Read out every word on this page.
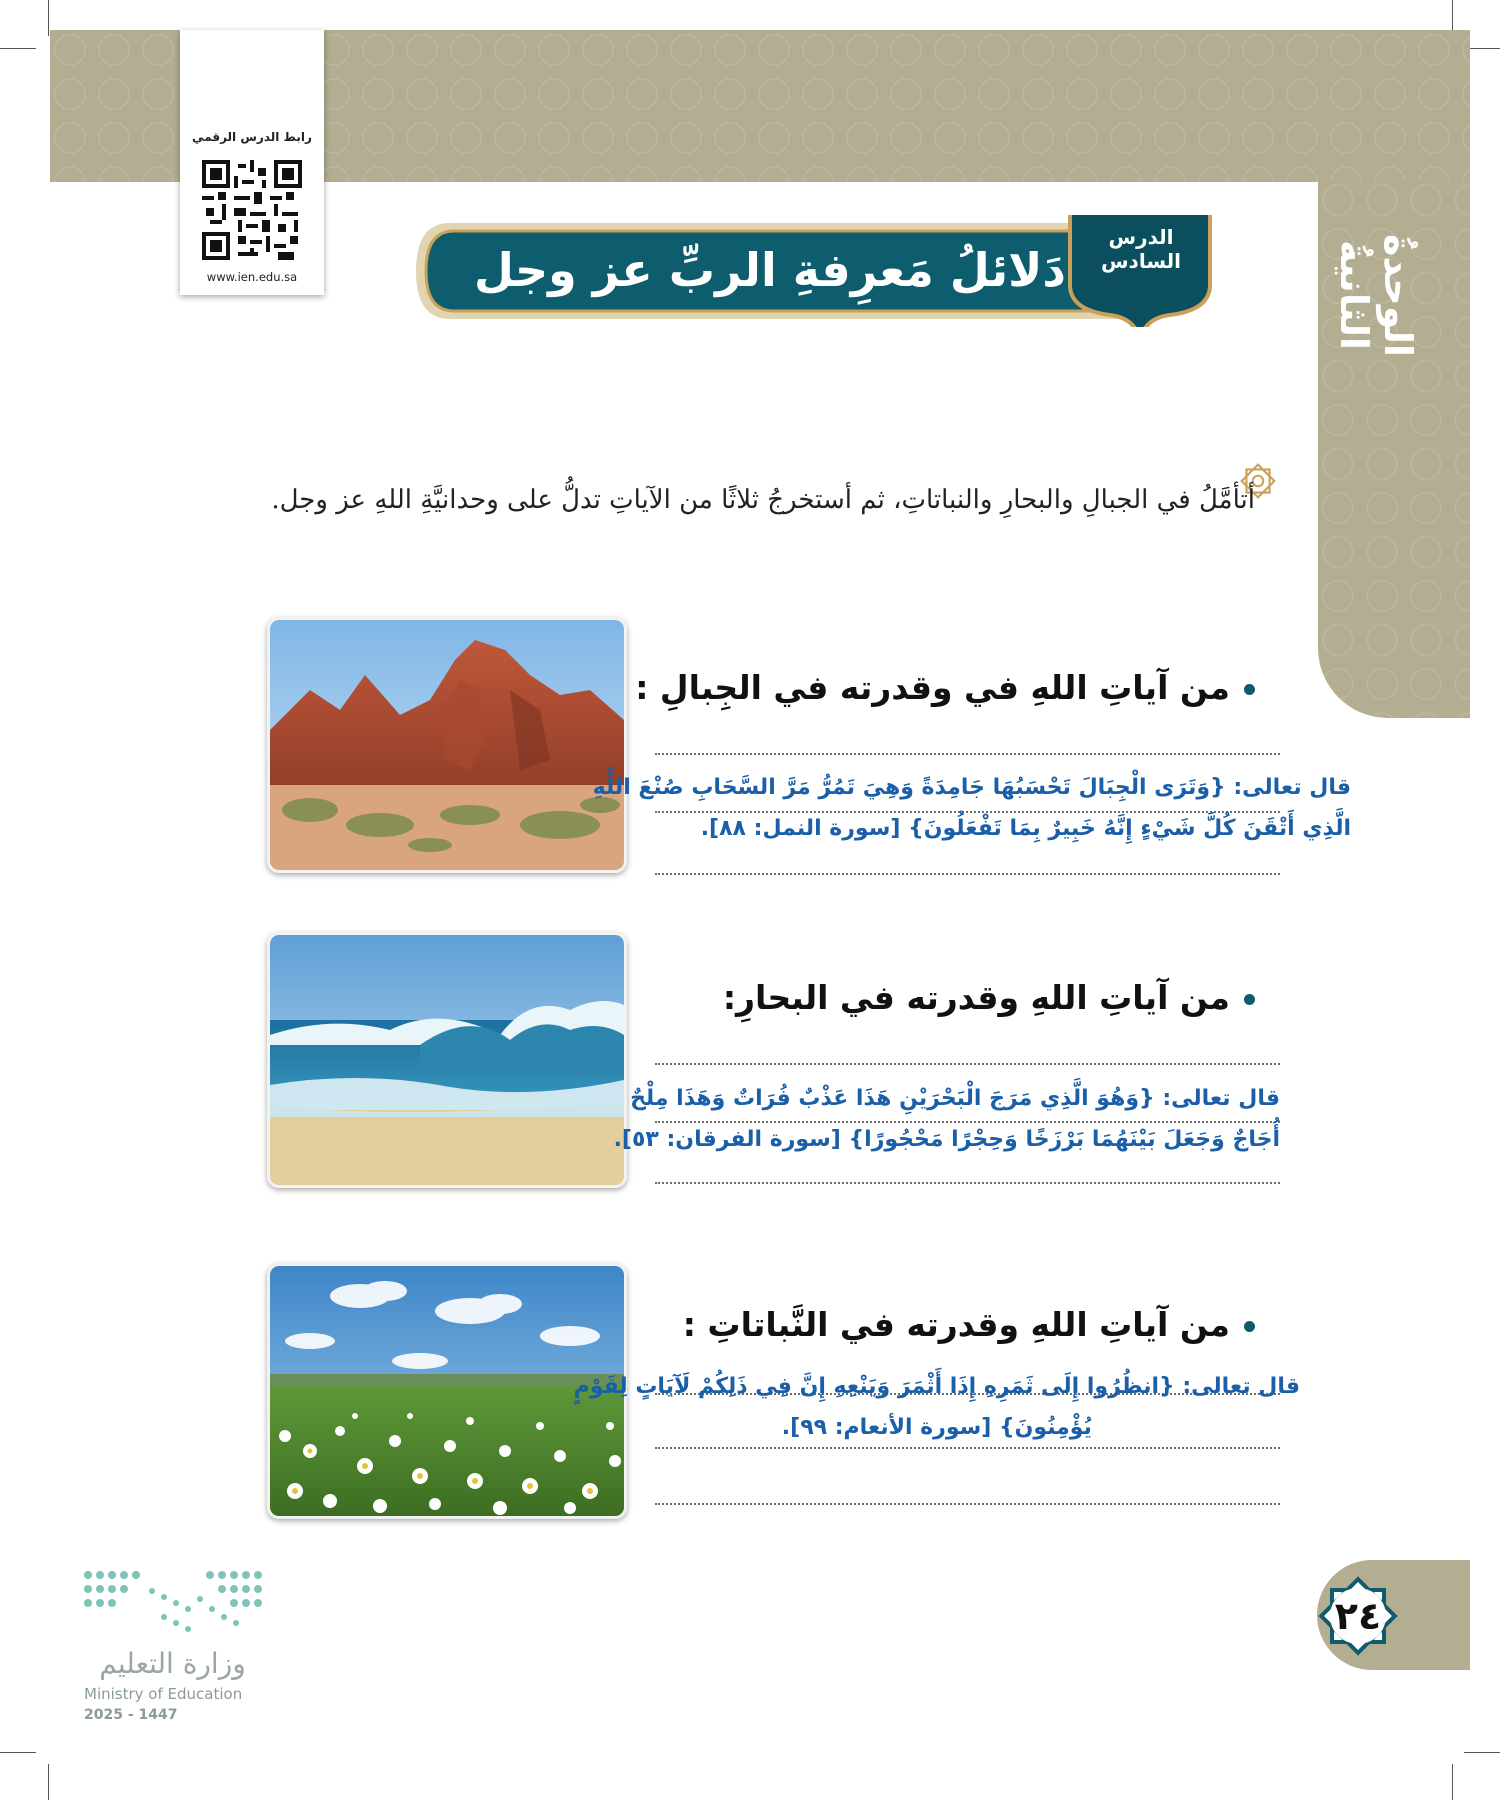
الوحدةُ الثانيةُ
رابط الدرس الرقمي
www.ien.edu.sa	دَلائلُ مَعرِفةِ الربِّ عز وجل
الدرس
السادس
أتأمَّلُ في الجبالِ والبحارِ والنباتاتِ، ثم أستخرجُ ثلاثًا من الآياتِ تدلُّ على وحدانيَّةِ اللهِ عز وجل.
من آياتِ اللهِ في وقدرته في الجِبالِ :
قال تعالى: {وَتَرَى الْجِبَالَ تَحْسَبُهَا جَامِدَةً وَهِيَ تَمُرُّ مَرَّ السَّحَابِ صُنْعَ اللَّهِ
الَّذِي أَتْقَنَ كُلَّ شَيْءٍ إِنَّهُ خَبِيرٌ بِمَا تَفْعَلُونَ} [سورة النمل: ٨٨].
من آياتِ اللهِ وقدرته في البحارِ:
قال تعالى: {وَهُوَ الَّذِي مَرَجَ الْبَحْرَيْنِ هَذَا عَذْبٌ فُرَاتٌ وَهَذَا مِلْحٌ
أُجَاجٌ وَجَعَلَ بَيْنَهُمَا بَرْزَخًا وَحِجْرًا مَحْجُورًا} [سورة الفرقان: ٥٣].
من آياتِ اللهِ وقدرته في النَّباتاتِ :
قال تعالى: {انظُرُوا إِلَى ثَمَرِهِ إِذَا أَثْمَرَ وَيَنْعِهِ إِنَّ فِي ذَلِكُمْ لَآيَاتٍ لِقَوْمٍ
يُؤْمِنُونَ} [سورة الأنعام: ٩٩].
٢٤
وزارة التعليم
Ministry of Education
2025 - 1447
